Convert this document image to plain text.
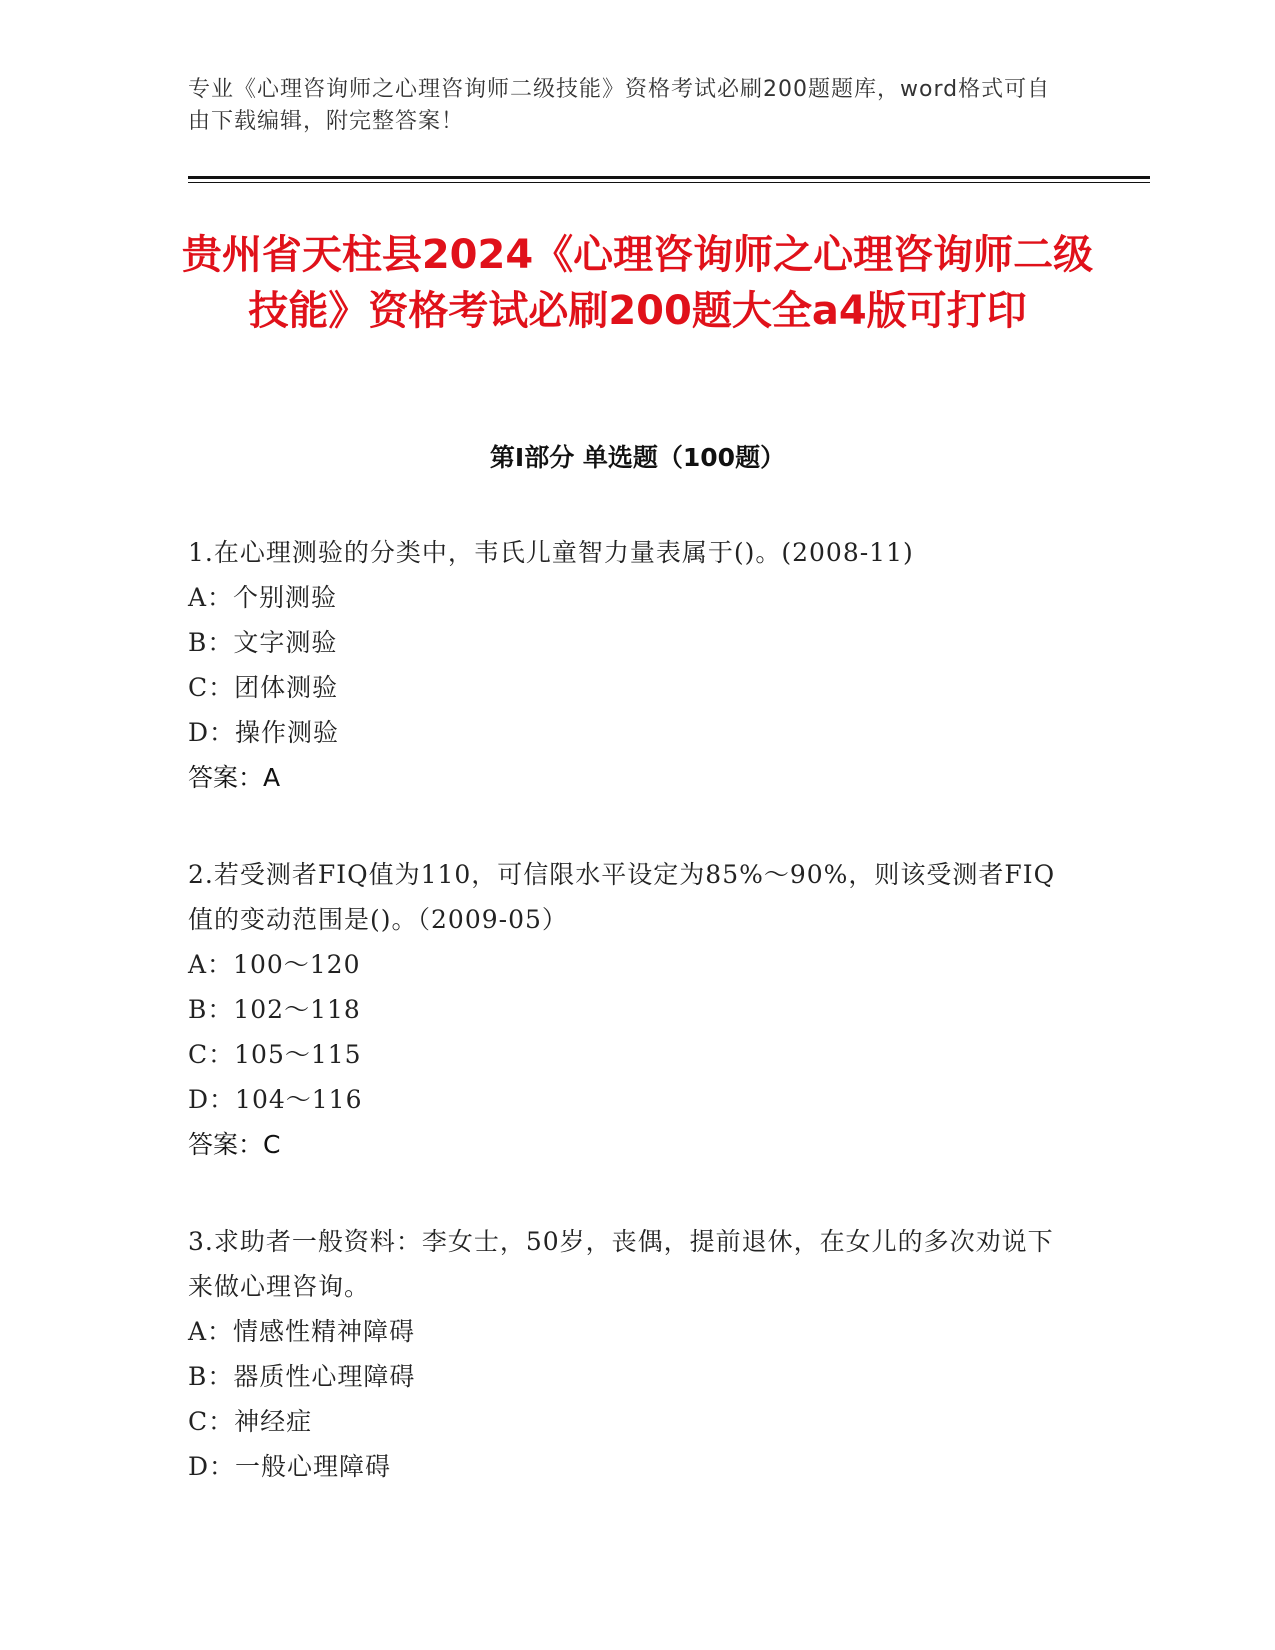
专业《心理咨询师之心理咨询师二级技能》资格考试必刷200题题库，word格式可自由下载编辑，附完整答案！
贵州省天柱县2024《心理咨询师之心理咨询师二级技能》资格考试必刷200题大全a4版可打印
第Ⅰ部分 单选题（100题）
1.在心理测验的分类中，韦氏儿童智力量表属于()。(2008-11)
A：个别测验
B：文字测验
C：团体测验
D：操作测验
答案：A
2.若受测者FIQ值为110，可信限水平设定为85%～90%，则该受测者FIQ值的变动范围是()。（2009-05）
A：100～120
B：102～118
C：105～115
D：104～116
答案：C
3.求助者一般资料：李女士，50岁，丧偶，提前退休，在女儿的多次劝说下来做心理咨询。
A：情感性精神障碍
B：器质性心理障碍
C：神经症
D：一般心理障碍
